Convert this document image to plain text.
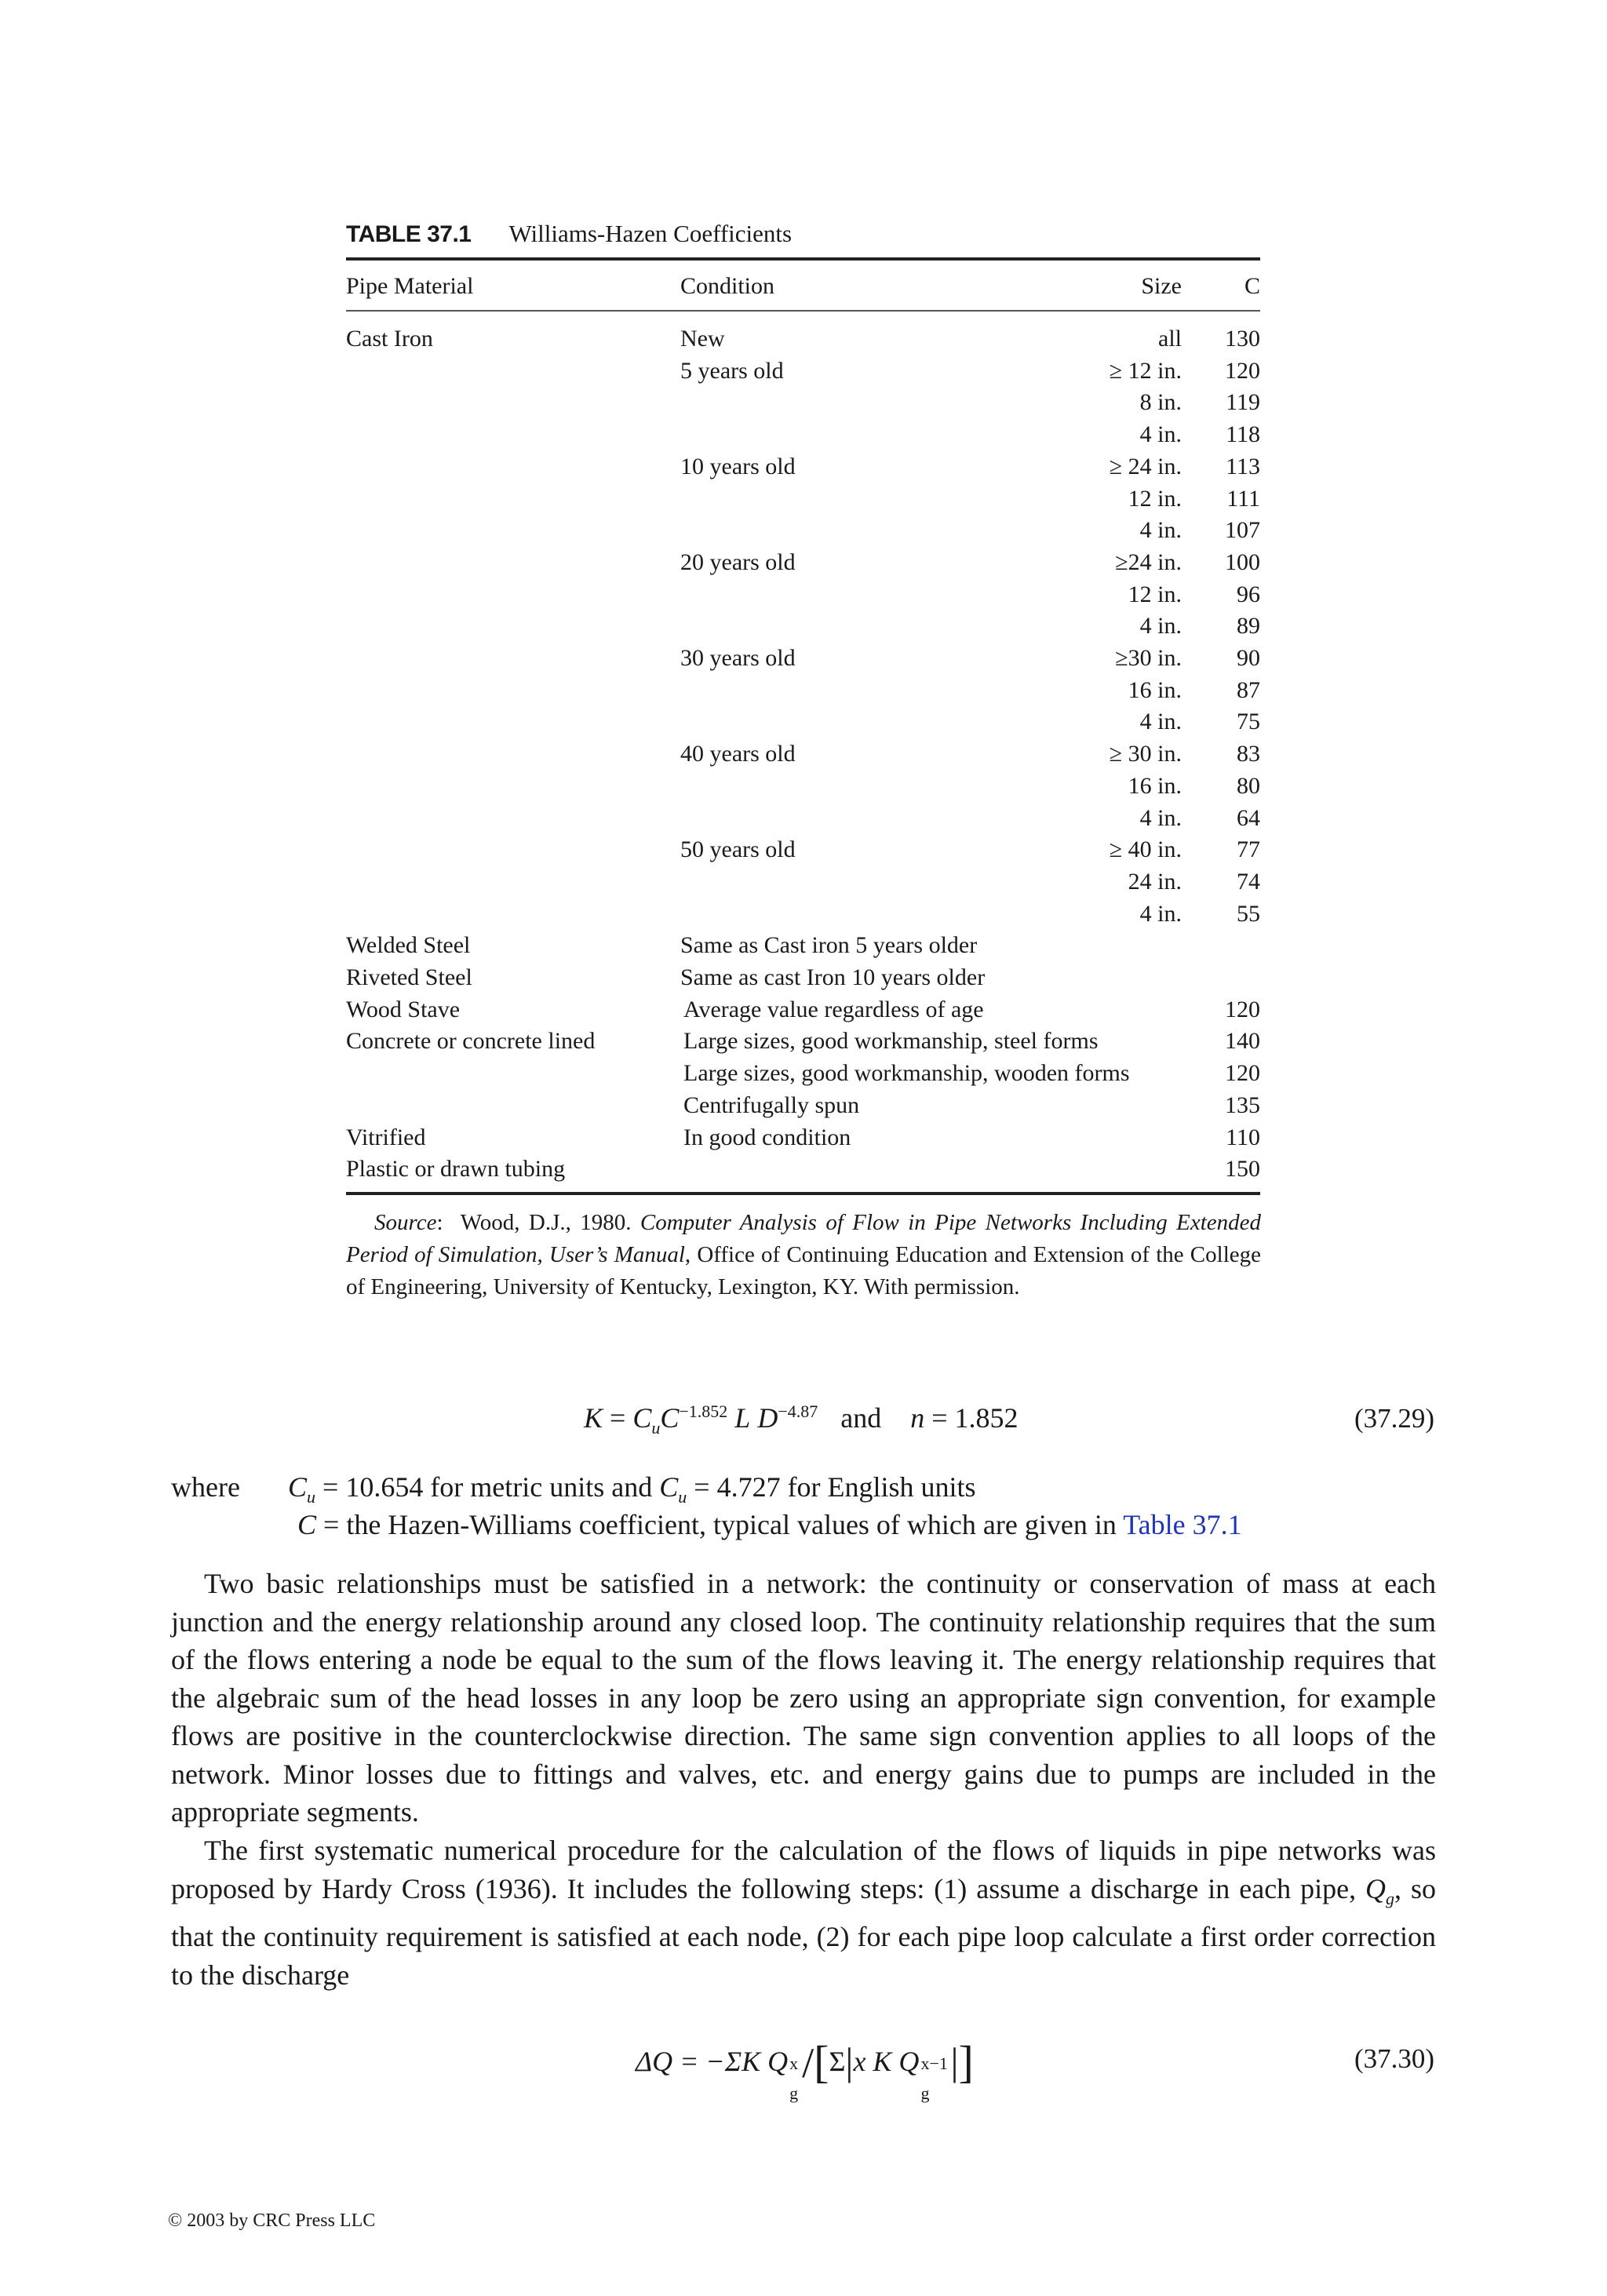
TABLE 37.1 Williams-Hazen Coefficients
Pipe Material	Condition	Size	C
Cast Iron	New	all 130
5 years old	≥ 12 in. 120
8 in. 119
4 in. 118
10 years old	≥ 24 in. 113
12 in. 111
4 in. 107
20 years old	≥24 in. 100
12 in. 96
4 in. 89
30 years old	≥30 in. 90
16 in. 87
4 in. 75
40 years old	≥ 30 in. 83
16 in. 80
4 in. 64
50 years old	≥ 40 in. 77
24 in. 74
4 in. 55
Welded Steel	Same as Cast iron 5 years older
Riveted Steel	Same as cast Iron 10 years older
Wood Stave	Average value regardless of age	120
Concrete or concrete lined	Large sizes, good workmanship, steel forms	140
Large sizes, good workmanship, wooden forms	120
Centrifugally spun	135
Vitrified	In good condition	110
Plastic or drawn tubing	150
Source:  Wood, D.J., 1980. Computer Analysis of Flow in Pipe Networks Including Extended Period of Simulation, User’s Manual, Office of Continuing Education and Extension of the College of Engineering, University of Kentucky, Lexington, KY. With permission.
$K = C_uC^{-1.852}$ L $D^{-4.87}$ and n = 1.852	(37.29)
where $C_u = 10.654$ for metric units and $C_u = 4.727$ for English units
C = the Hazen-Williams coefficient, typical values of which are given in Table 37.1

Two basic relationships must be satisfied in a network: the continuity or conservation of mass at each junction and the energy relationship around any closed loop. The continuity relationship requires that the sum of the flows entering a node be equal to the sum of the flows leaving it. The energy relationship requires that the algebraic sum of the head losses in any loop be zero using an appropriate sign convention, for example flows are positive in the counterclockwise direction. The same sign convention applies to all loops of the network. Minor losses due to fittings and valves, etc. and energy gains due to pumps are included in the appropriate segments.

The first systematic numerical procedure for the calculation of the flows of liquids in pipe networks was proposed by Hardy Cross (1936). It includes the following steps: (1) assume a discharge in each pipe, $Q_g$, so that the continuity requirement is satisfied at each node, (2) for each pipe loop calculate a first order correction to the discharge

ΔQ = −ΣK Q x
g
/[Σ|x K Q x−1
g
|]	(37.30)
© 2003 by CRC Press LLC
